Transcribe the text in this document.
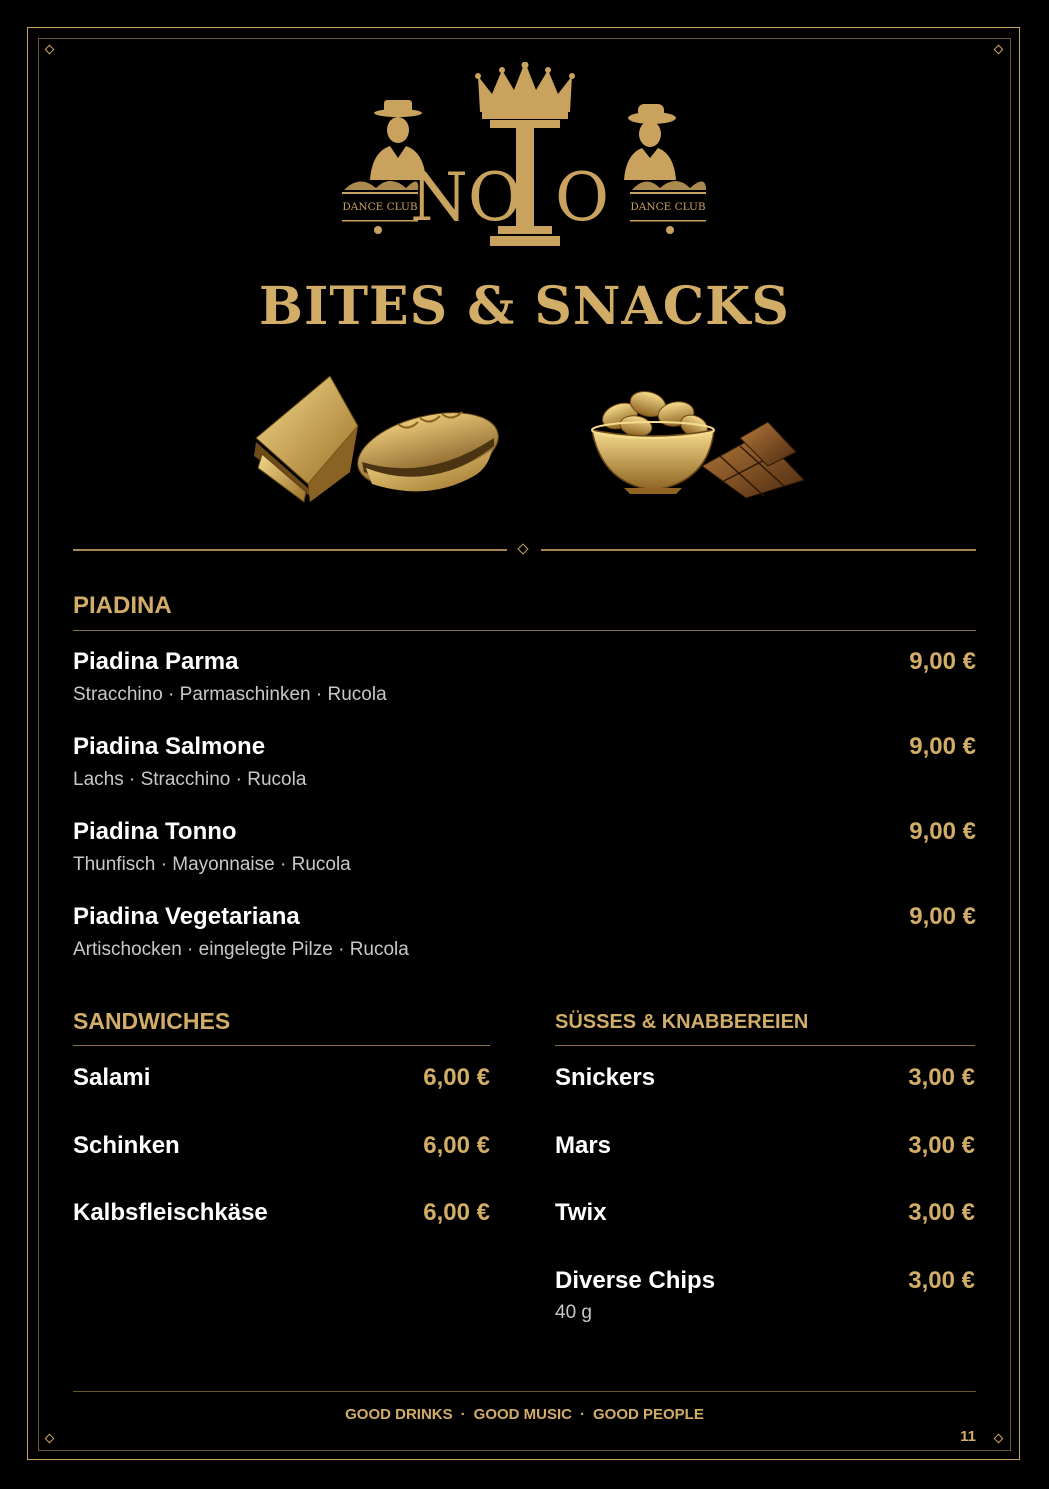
NO O
DANCE CLUB	DANCE CLUB
BITES & SNACKS
PIADINA
Piadina Parma	9,00 €
Stracchino · Parmaschinken · Rucola
Piadina Salmone	9,00 €
Lachs · Stracchino · Rucola
Piadina Tonno	9,00 €
Thunfisch · Mayonnaise · Rucola
Piadina Vegetariana	9,00 €
Artischocken · eingelegte Pilze · Rucola
SANDWICHES
Salami	6,00 €
Schinken	6,00 €
Kalbsfleischkäse	6,00 €
SÜSSES & KNABBEREIEN
Snickers	3,00 €
Mars	3,00 €
Twix	3,00 €
Diverse Chips	3,00 €
40 g
GOOD DRINKS · GOOD MUSIC · GOOD PEOPLE
11
